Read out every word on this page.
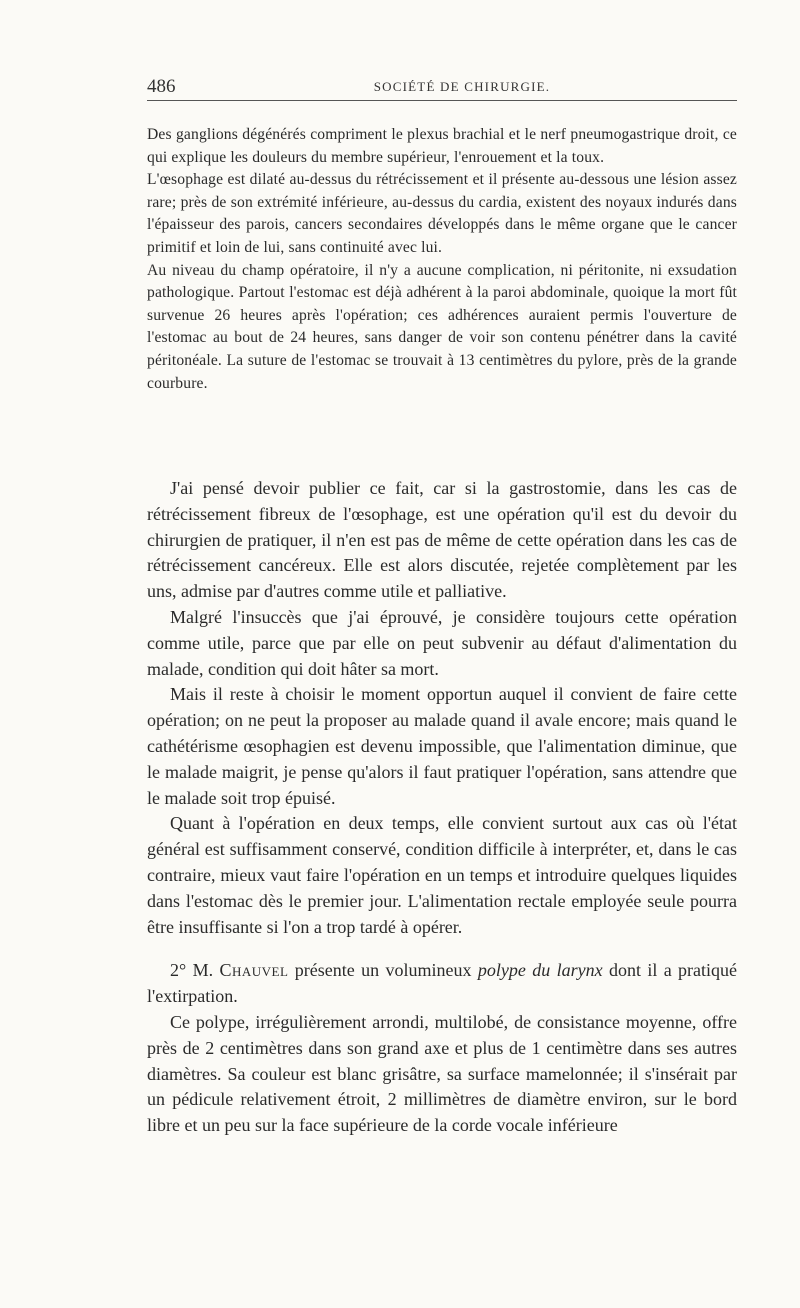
486	SOCIÉTÉ DE CHIRURGIE.

Des ganglions dégénérés compriment le plexus brachial et le nerf pneumogastrique droit, ce qui explique les douleurs du membre supérieur, l'enrouement et la toux.

L'œsophage est dilaté au-dessus du rétrécissement et il présente au-dessous une lésion assez rare; près de son extrémité inférieure, au-dessus du cardia, existent des noyaux indurés dans l'épaisseur des parois, cancers secondaires développés dans le même organe que le cancer primitif et loin de lui, sans continuité avec lui.

Au niveau du champ opératoire, il n'y a aucune complication, ni péritonite, ni exsudation pathologique. Partout l'estomac est déjà adhérent à la paroi abdominale, quoique la mort fût survenue 26 heures après l'opération; ces adhérences auraient permis l'ouverture de l'estomac au bout de 24 heures, sans danger de voir son contenu pénétrer dans la cavité péritonéale. La suture de l'estomac se trouvait à 13 centimètres du pylore, près de la grande courbure.

J'ai pensé devoir publier ce fait, car si la gastrostomie, dans les cas de rétrécissement fibreux de l'œsophage, est une opération qu'il est du devoir du chirurgien de pratiquer, il n'en est pas de même de cette opération dans les cas de rétrécissement cancéreux. Elle est alors discutée, rejetée complètement par les uns, admise par d'autres comme utile et palliative.

Malgré l'insuccès que j'ai éprouvé, je considère toujours cette opération comme utile, parce que par elle on peut subvenir au défaut d'alimentation du malade, condition qui doit hâter sa mort.

Mais il reste à choisir le moment opportun auquel il convient de faire cette opération; on ne peut la proposer au malade quand il avale encore; mais quand le cathétérisme œsophagien est devenu impossible, que l'alimentation diminue, que le malade maigrit, je pense qu'alors il faut pratiquer l'opération, sans attendre que le malade soit trop épuisé.

Quant à l'opération en deux temps, elle convient surtout aux cas où l'état général est suffisamment conservé, condition difficile à interpréter, et, dans le cas contraire, mieux vaut faire l'opération en un temps et introduire quelques liquides dans l'estomac dès le premier jour. L'alimentation rectale employée seule pourra être insuffisante si l'on a trop tardé à opérer.

2° M. Chauvel présente un volumineux polype du larynx dont il a pratiqué l'extirpation.

Ce polype, irrégulièrement arrondi, multilobé, de consistance moyenne, offre près de 2 centimètres dans son grand axe et plus de 1 centimètre dans ses autres diamètres. Sa couleur est blanc grisâtre, sa surface mamelonnée; il s'insérait par un pédicule relativement étroit, 2 millimètres de diamètre environ, sur le bord libre et un peu sur la face supérieure de la corde vocale inférieure
